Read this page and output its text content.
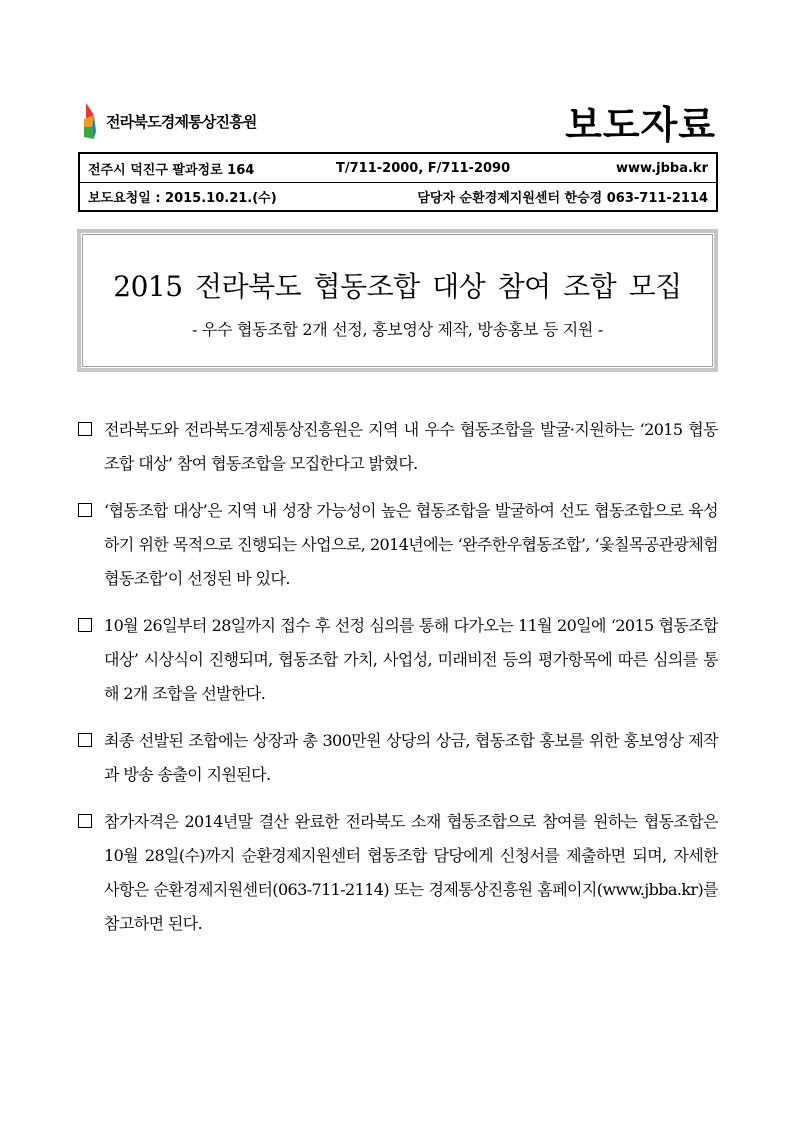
전라북도경제통상진흥원	보도자료
전주시 덕진구 팔과정로 164	T/711-2000, F/711-2090	www.jbba.kr
보도요청일 : 2015.10.21.(수)	담당자 순환경제지원센터 한승경 063-711-2114
2015 전라북도 협동조합 대상 참여 조합 모집
- 우수 협동조합 2개 선정, 홍보영상 제작, 방송홍보 등 지원 -
전라북도와 전라북도경제통상진흥원은 지역 내 우수 협동조합을 발굴·지원하는 ‘2015 협동조합 대상’ 참여 협동조합을 모집한다고 밝혔다.
‘협동조합 대상’은 지역 내 성장 가능성이 높은 협동조합을 발굴하여 선도 협동조합으로 육성하기 위한 목적으로 진행되는 사업으로, 2014년에는 ‘완주한우협동조합’, ‘옻칠목공관광체험협동조합’이 선정된 바 있다.
10월 26일부터 28일까지 접수 후 선정 심의를 통해 다가오는 11월 20일에 ‘2015 협동조합 대상’ 시상식이 진행되며, 협동조합 가치, 사업성, 미래비전 등의 평가항목에 따른 심의를 통해 2개 조합을 선발한다.
최종 선발된 조합에는 상장과 총 300만원 상당의 상금, 협동조합 홍보를 위한 홍보영상 제작과 방송 송출이 지원된다.
참가자격은 2014년말 결산 완료한 전라북도 소재 협동조합으로 참여를 원하는 협동조합은 10월 28일(수)까지 순환경제지원센터 협동조합 담당에게 신청서를 제출하면 되며, 자세한 사항은 순환경제지원센터(063-711-2114) 또는 경제통상진흥원 홈페이지(www.jbba.kr)를 참고하면 된다.
